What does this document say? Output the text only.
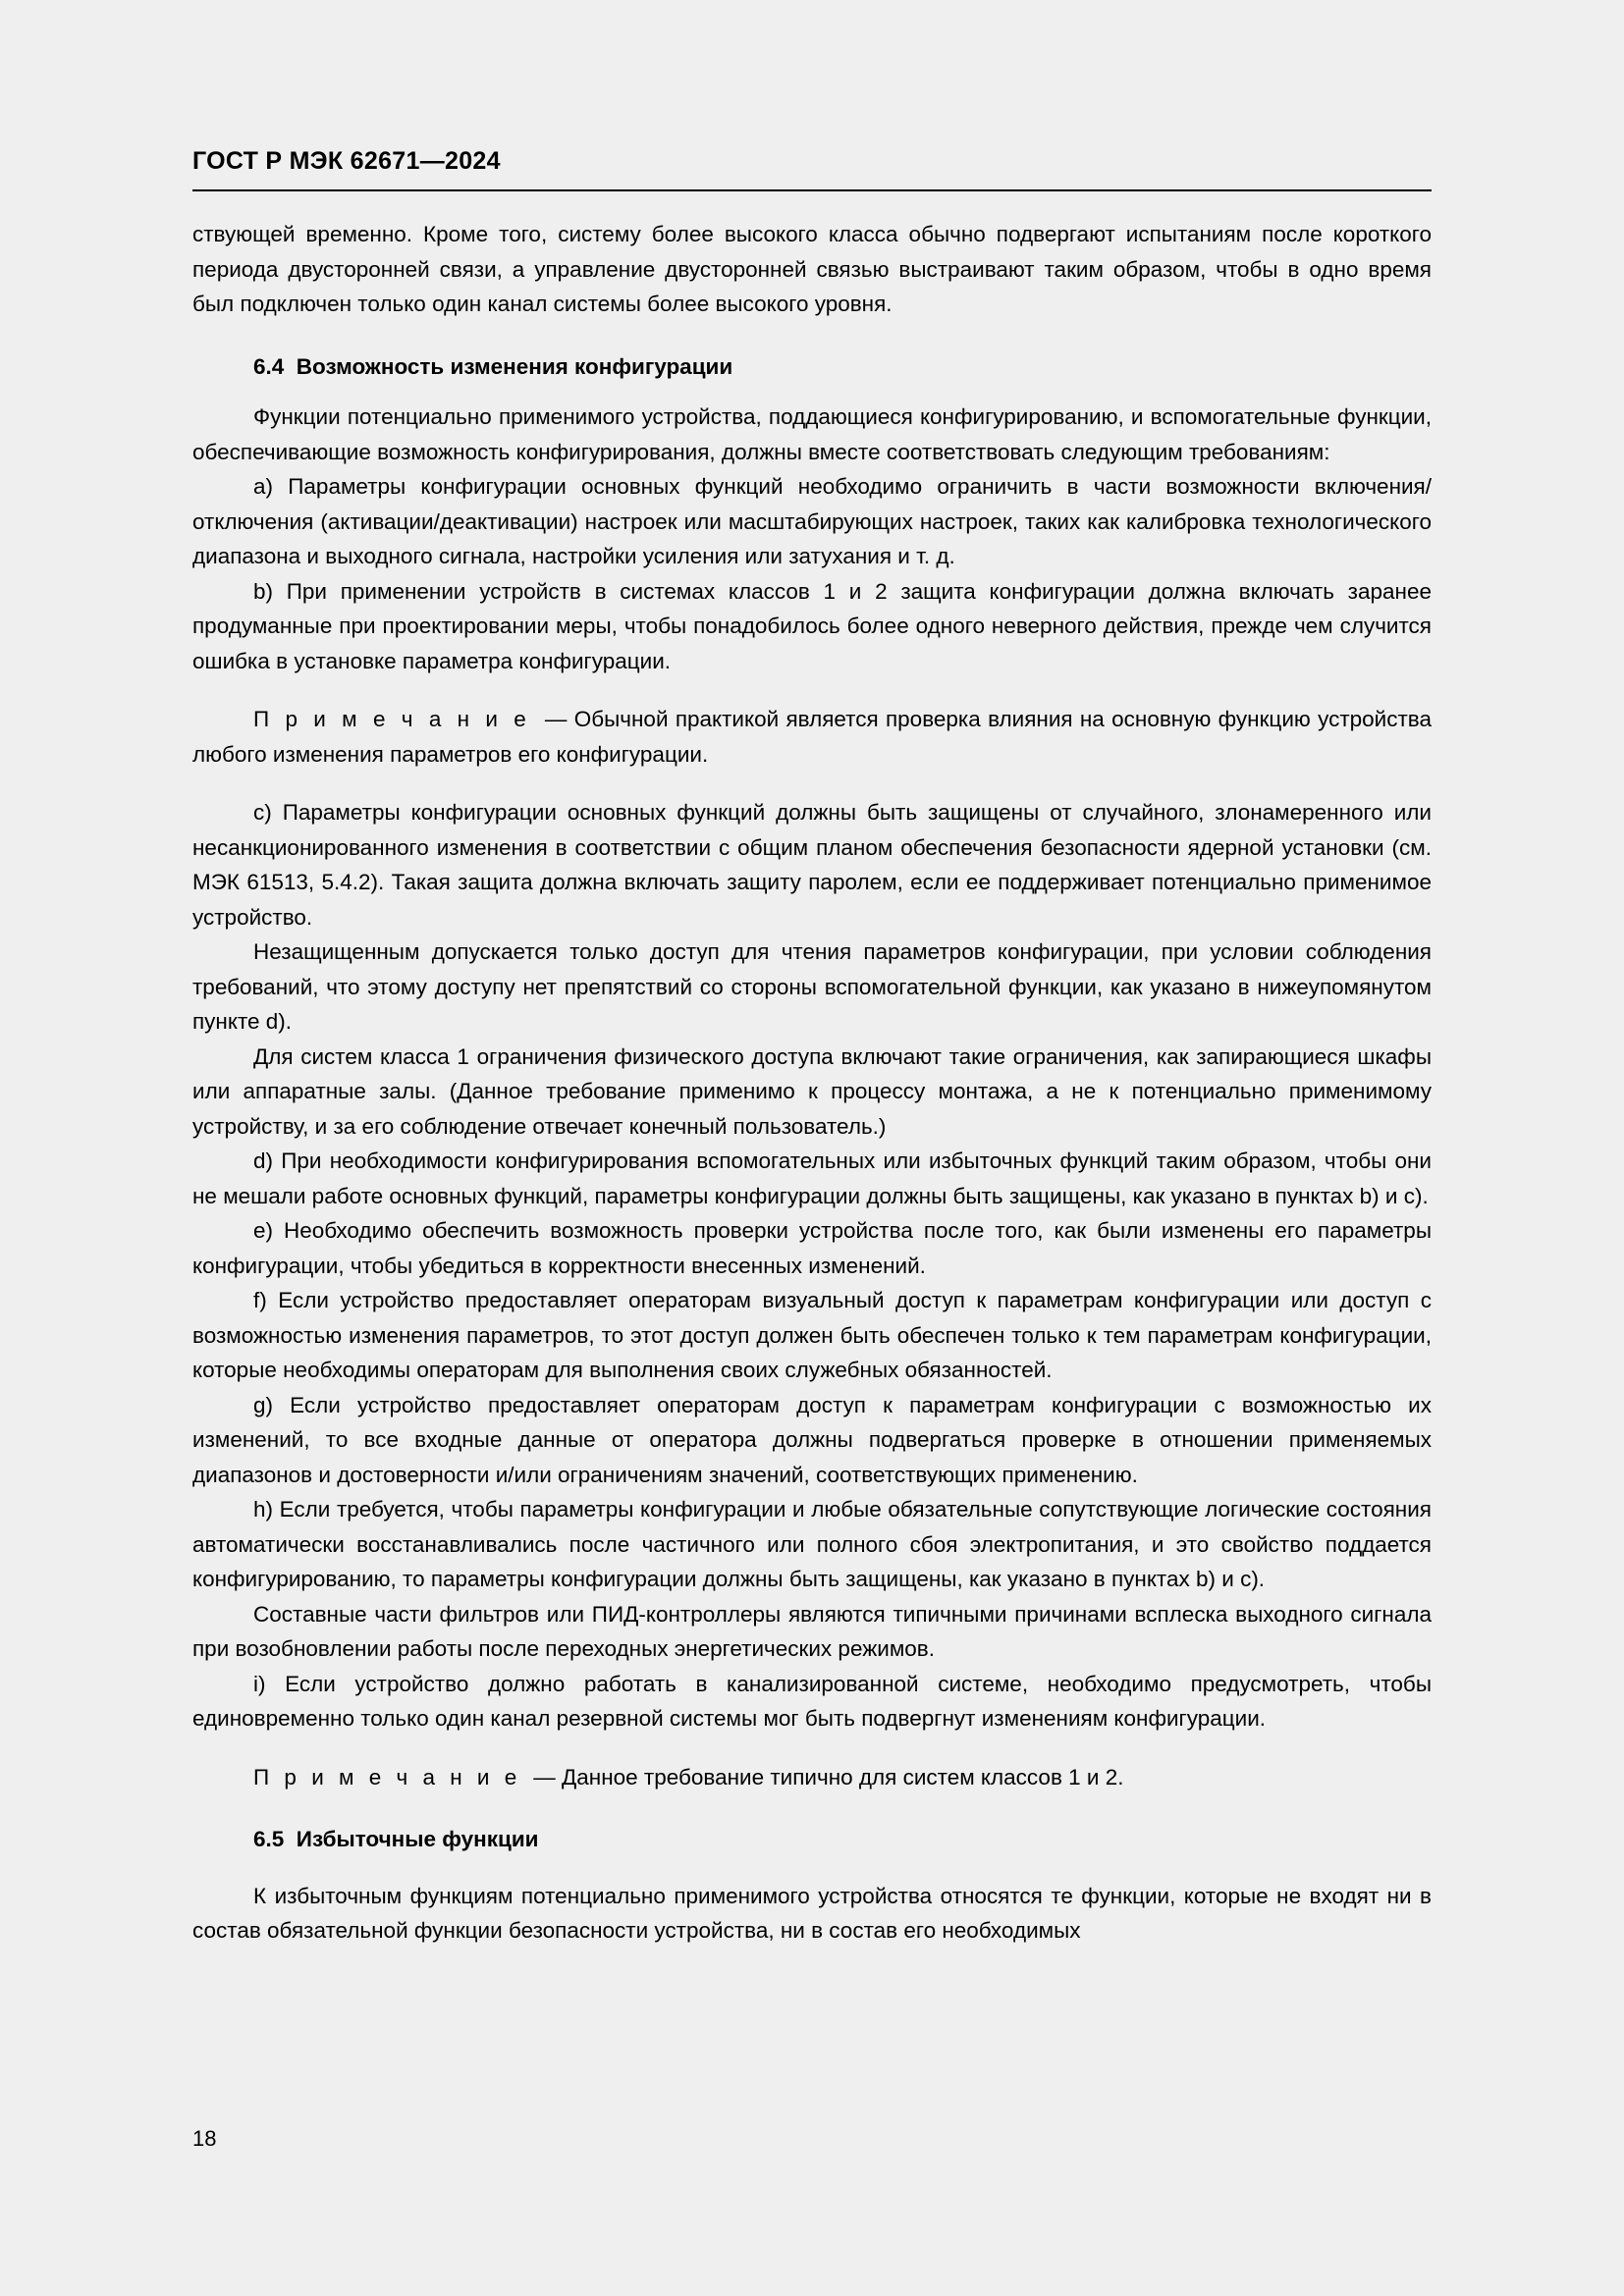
ГОСТ Р МЭК 62671—2024

ствующей временно. Кроме того, систему более высокого класса обычно подвергают испытаниям после короткого периода двусторонней связи, а управление двусторонней связью выстраивают таким образом, чтобы в одно время был подключен только один канал системы более высокого уровня.

6.4 Возможность изменения конфигурации

Функции потенциально применимого устройства, поддающиеся конфигурированию, и вспомогательные функции, обеспечивающие возможность конфигурирования, должны вместе соответствовать следующим требованиям:

a) Параметры конфигурации основных функций необходимо ограничить в части возможности включения/отключения (активации/деактивации) настроек или масштабирующих настроек, таких как калибровка технологического диапазона и выходного сигнала, настройки усиления или затухания и т. д.

b) При применении устройств в системах классов 1 и 2 защита конфигурации должна включать заранее продуманные при проектировании меры, чтобы понадобилось более одного неверного действия, прежде чем случится ошибка в установке параметра конфигурации.

П р и м е ч а н и е — Обычной практикой является проверка влияния на основную функцию устройства любого изменения параметров его конфигурации.

c) Параметры конфигурации основных функций должны быть защищены от случайного, злонамеренного или несанкционированного изменения в соответствии с общим планом обеспечения безопасности ядерной установки (см. МЭК 61513, 5.4.2). Такая защита должна включать защиту паролем, если ее поддерживает потенциально применимое устройство.

Незащищенным допускается только доступ для чтения параметров конфигурации, при условии соблюдения требований, что этому доступу нет препятствий со стороны вспомогательной функции, как указано в нижеупомянутом пункте d).

Для систем класса 1 ограничения физического доступа включают такие ограничения, как запирающиеся шкафы или аппаратные залы. (Данное требование применимо к процессу монтажа, а не к потенциально применимому устройству, и за его соблюдение отвечает конечный пользователь.)

d) При необходимости конфигурирования вспомогательных или избыточных функций таким образом, чтобы они не мешали работе основных функций, параметры конфигурации должны быть защищены, как указано в пунктах b) и c).

e) Необходимо обеспечить возможность проверки устройства после того, как были изменены его параметры конфигурации, чтобы убедиться в корректности внесенных изменений.

f) Если устройство предоставляет операторам визуальный доступ к параметрам конфигурации или доступ с возможностью изменения параметров, то этот доступ должен быть обеспечен только к тем параметрам конфигурации, которые необходимы операторам для выполнения своих служебных обязанностей.

g) Если устройство предоставляет операторам доступ к параметрам конфигурации с возможностью их изменений, то все входные данные от оператора должны подвергаться проверке в отношении применяемых диапазонов и достоверности и/или ограничениям значений, соответствующих применению.

h) Если требуется, чтобы параметры конфигурации и любые обязательные сопутствующие логические состояния автоматически восстанавливались после частичного или полного сбоя электропитания, и это свойство поддается конфигурированию, то параметры конфигурации должны быть защищены, как указано в пунктах b) и c).

Составные части фильтров или ПИД-контроллеры являются типичными причинами всплеска выходного сигнала при возобновлении работы после переходных энергетических режимов.

i) Если устройство должно работать в канализированной системе, необходимо предусмотреть, чтобы единовременно только один канал резервной системы мог быть подвергнут изменениям конфигурации.

П р и м е ч а н и е — Данное требование типично для систем классов 1 и 2.

6.5 Избыточные функции

К избыточным функциям потенциально применимого устройства относятся те функции, которые не входят ни в состав обязательной функции безопасности устройства, ни в состав его необходимых

18
